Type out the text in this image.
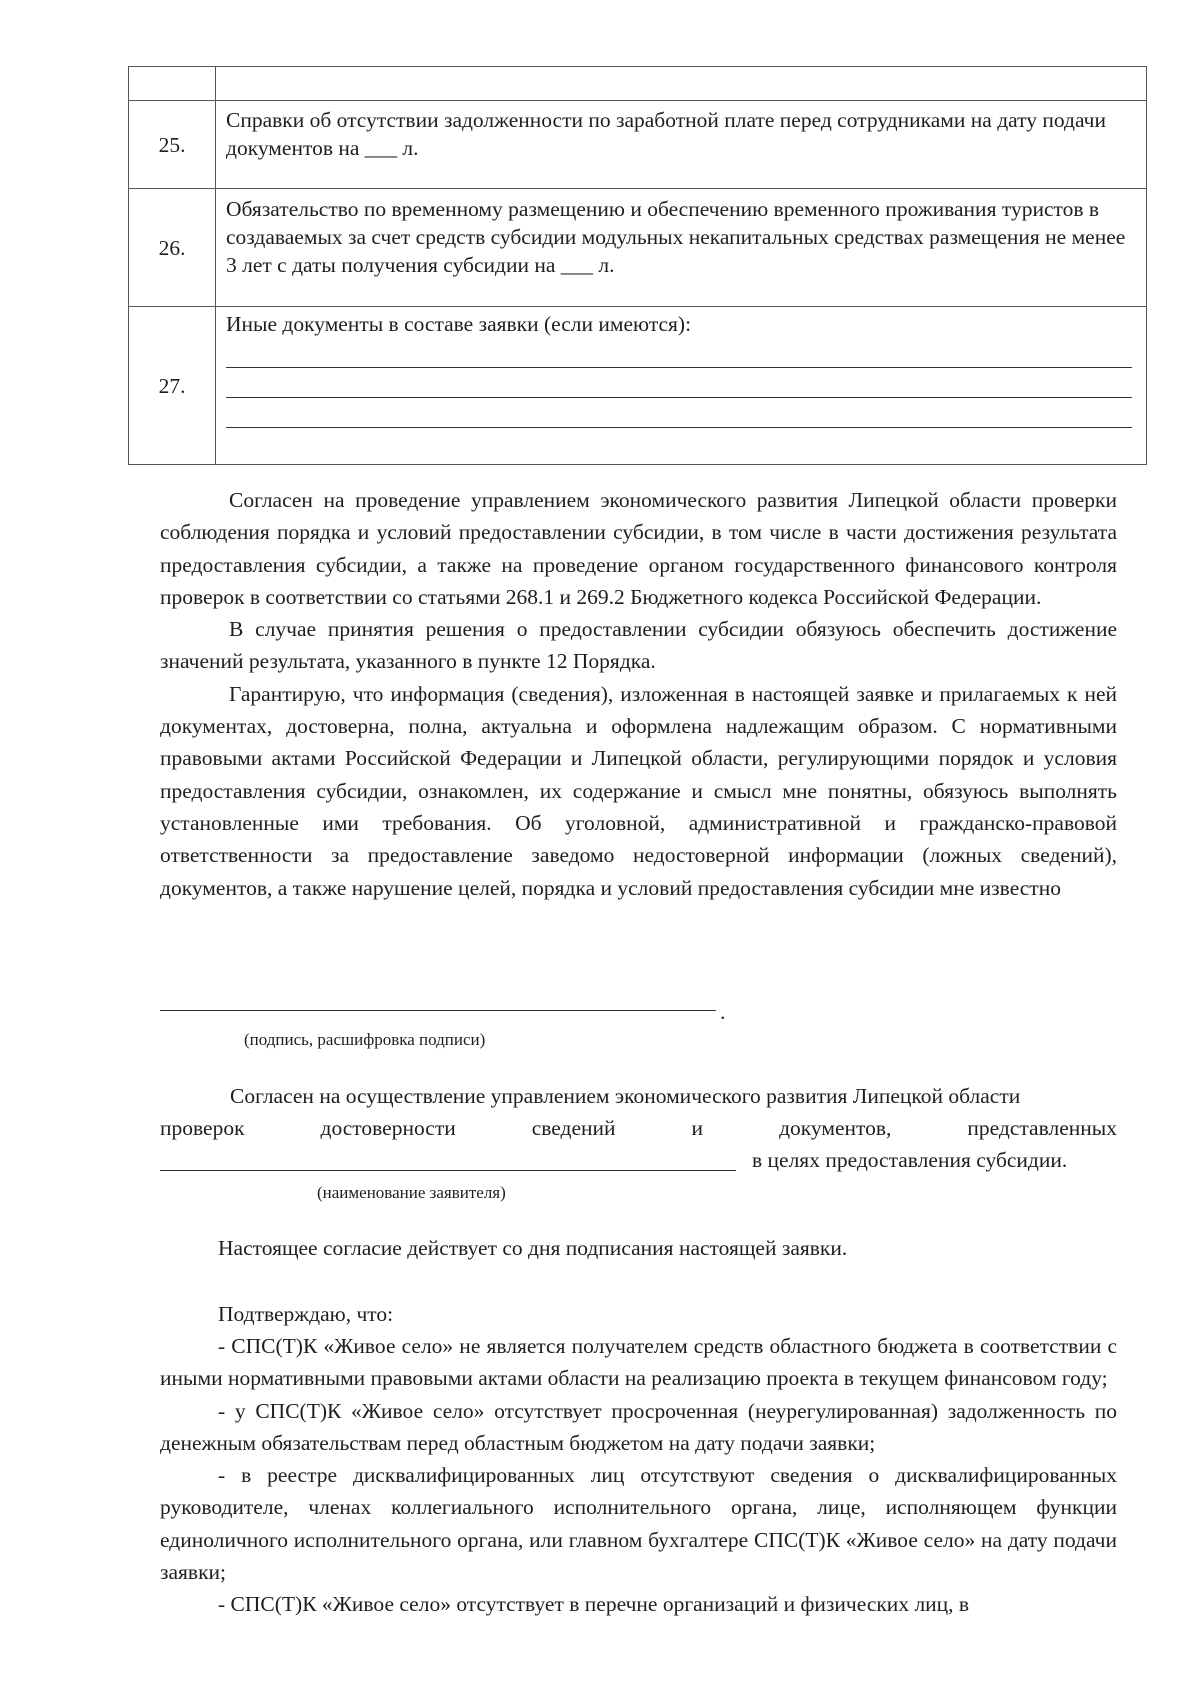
25.	Справки об отсутствии задолженности по заработной плате перед сотрудниками на дату подачи документов на ___ л.
26.	Обязательство по временному размещению и обеспечению временного проживания туристов в создаваемых за счет средств субсидии модульных некапитальных средствах размещения не менее 3 лет с даты получения субсидии на ___ л.
27.	Иные документы в составе заявки (если имеются):

Согласен на проведение управлением экономического развития Липецкой области проверки соблюдения порядка и условий предоставлении субсидии, в том числе в части достижения результата предоставления субсидии, а также на проведение органом государственного финансового контроля проверок в соответствии со статьями 268.1 и 269.2 Бюджетного кодекса Российской Федерации.

В случае принятия решения о предоставлении субсидии обязуюсь обеспечить достижение значений результата, указанного в пункте 12 Порядка.

Гарантирую, что информация (сведения), изложенная в настоящей заявке и прилагаемых к ней документах, достоверна, полна, актуальна и оформлена надлежащим образом. С нормативными правовыми актами Российской Федерации и Липецкой области, регулирующими порядок и условия предоставления субсидии, ознакомлен, их содержание и смысл мне понятны, обязуюсь выполнять установленные ими требования. Об уголовной, административной и гражданско-правовой ответственности за предоставление заведомо недостоверной информации (ложных сведений), документов, а также нарушение целей, порядка и условий предоставления субсидии мне известно

.
(подпись, расшифровка подписи)
Согласен на осуществление управлением экономического развития Липецкой области
проверок	достоверности	сведений	и	документов,	представленных
в целях предоставления субсидии.
(наименование заявителя)
Настоящее согласие действует со дня подписания настоящей заявки.
Подтверждаю, что:

- СПС(Т)К «Живое село» не является получателем средств областного бюджета в соответствии с иными нормативными правовыми актами области на реализацию проекта в текущем финансовом году;

- у СПС(Т)К «Живое село» отсутствует просроченная (неурегулированная) задолженность по денежным обязательствам перед областным бюджетом на дату подачи заявки;

- в реестре дисквалифицированных лиц отсутствуют сведения о дисквалифицированных руководителе, членах коллегиального исполнительного органа, лице, исполняющем функции единоличного исполнительного органа, или главном бухгалтере СПС(Т)К «Живое село» на дату подачи заявки;

- СПС(Т)К «Живое село» отсутствует в перечне организаций и физических лиц, в
